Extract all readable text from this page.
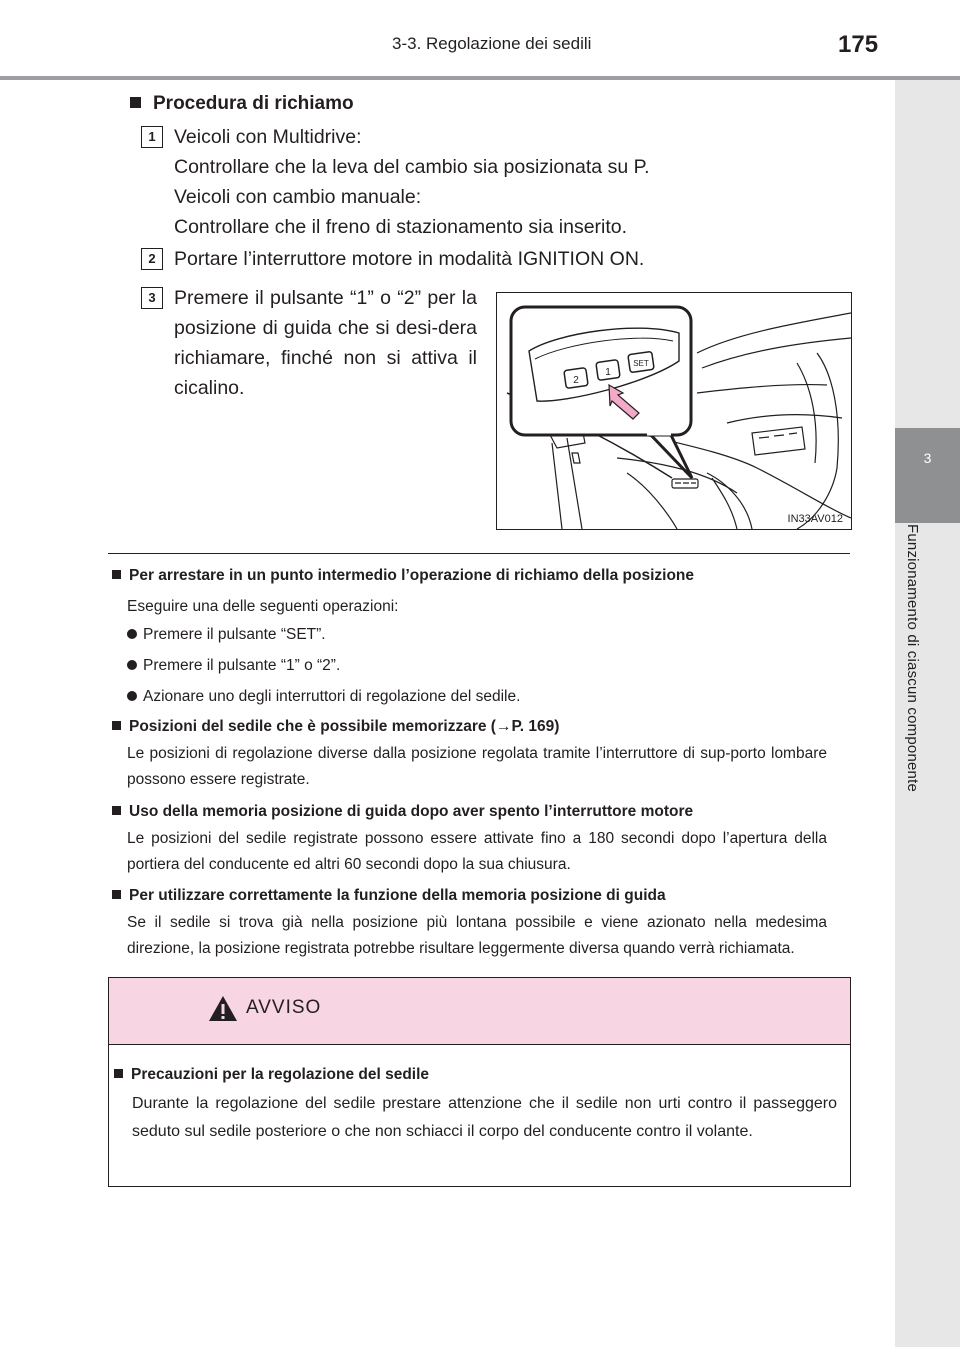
3-3. Regolazione dei sedili	175
3
Funzionamento di ciascun componente
Procedura di richiamo
1 Veicoli con Multidrive:
Controllare che la leva del cambio sia posizionata su P.
Veicoli con cambio manuale:
Controllare che il freno di stazionamento sia inserito.
2 Portare l’interruttore motore in modalità IGNITION ON.
3 Premere il pulsante “1” o “2” per la posizione di guida che si desi-dera richiamare, finché non si attiva il cicalino.	2
1
SET
IN33AV012
Per arrestare in un punto intermedio l’operazione di richiamo della posizione
Eseguire una delle seguenti operazioni:
Premere il pulsante “SET”.
Premere il pulsante “1” o “2”.
Azionare uno degli interruttori di regolazione del sedile.
Posizioni del sedile che è possibile memorizzare (→P. 169)
Le posizioni di regolazione diverse dalla posizione regolata tramite l’interruttore di sup-porto lombare possono essere registrate.
Uso della memoria posizione di guida dopo aver spento l’interruttore motore
Le posizioni del sedile registrate possono essere attivate fino a 180 secondi dopo l’apertura della portiera del conducente ed altri 60 secondi dopo la sua chiusura.
Per utilizzare correttamente la funzione della memoria posizione di guida
Se il sedile si trova già nella posizione più lontana possibile e viene azionato nella medesima direzione, la posizione registrata potrebbe risultare leggermente diversa quando verrà richiamata.
AVVISO
Precauzioni per la regolazione del sedile
Durante la regolazione del sedile prestare attenzione che il sedile non urti contro il passeggero seduto sul sedile posteriore o che non schiacci il corpo del conducente contro il volante.
